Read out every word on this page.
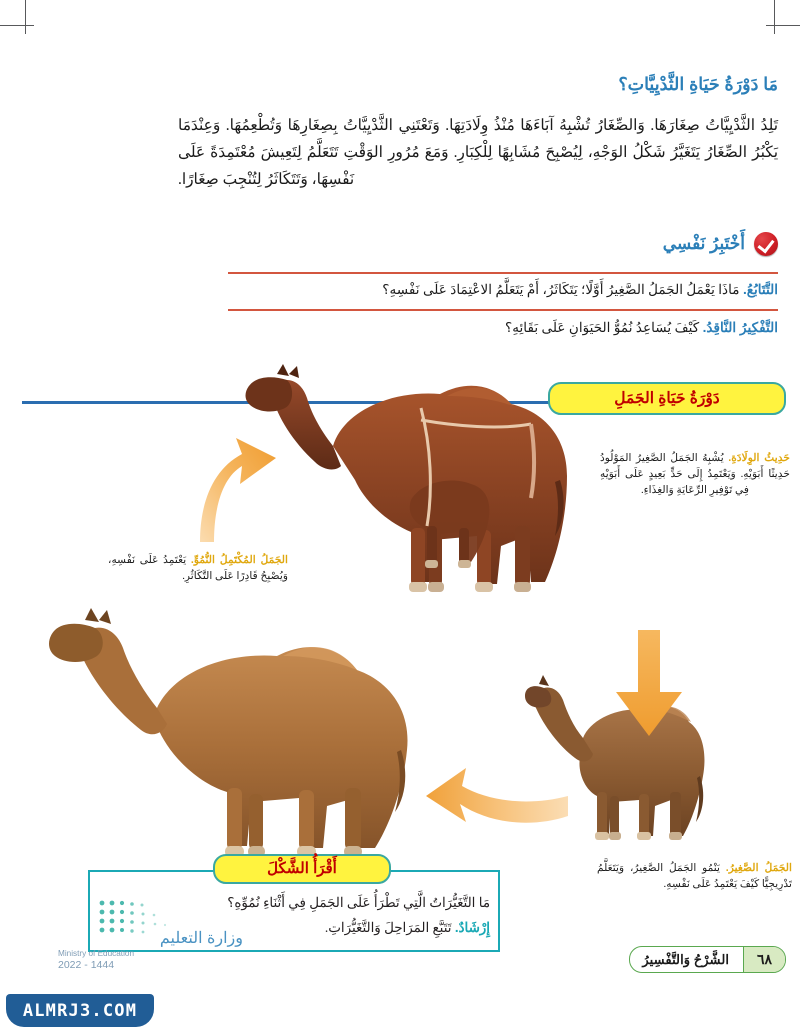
مَا دَوْرَةُ حَيَاةِ الثَّدْيِيَّاتِ؟
تَلِدُ الثَّدْيِيَّاتُ صِغَارَهَا. وَالصِّغَارُ تُشْبِهُ آبَاءَهَا مُنْذُ وِلَادَتِهَا. وَتَعْتَنِي الثَّدْيِيَّاتُ بِصِغَارِهَا وَتُطْعِمُهَا. وَعِنْدَمَا يَكْبُرُ الصِّغَارُ يَتَغَيَّرُ شَكْلُ الوَجْهِ، لِيُصْبِحَ مُشَابِهًا لِلْكِبَارِ. وَمَعَ مُرُورِ الوَقْتِ تَتَعَلَّمُ لِتَعِيشَ مُعْتَمِدَةً عَلَى نَفْسِهَا، وَتَتَكَاثَرُ لِتُنْجِبَ صِغَارًا.
أَخْتَبِرُ نَفْسِي
التَّتَابُعُ. مَاذَا يَعْمَلُ الجَمَلُ الصَّغِيرُ أَوَّلًا؛ يَتَكَاثَرُ، أَمْ يَتَعَلَّمُ الاعْتِمَادَ عَلَى نَفْسِهِ؟
التَّفْكِيرُ النَّاقِدُ. كَيْفَ يُسَاعِدُ نُمُوُّ الحَيَوَانِ عَلَى بَقَائِهِ؟
دَوْرَةُ حَيَاةِ الجَمَلِ
حَدِيثُ الوِلَادَةِ. يُشْبِهُ الجَمَلُ الصَّغِيرُ المَوْلُودُ حَدِيثًا أَبَوَيْهِ. وَيَعْتَمِدُ إِلَى حَدٍّ بَعِيدٍ عَلَى أَبَوَيْهِ فِي تَوْفِيرِ الرِّعَايَةِ وَالغِذَاءِ.
الجَمَلُ المُكْتَمِلُ النُّمُوِّ. يَعْتَمِدُ عَلَى نَفْسِهِ، وَيُصْبِحُ قَادِرًا عَلَى التَّكَاثُرِ.
الجَمَلُ الصَّغِيرُ. يَنْمُو الجَمَلُ الصَّغِيرُ، وَيَتَعَلَّمُ تَدْرِيجِيًّا كَيْفَ يَعْتَمِدُ عَلَى نَفْسِهِ.
أَقْرَأُ الشَّكْلَ
مَا التَّغَيُّرَاتُ الَّتِي تَطْرَأُ عَلَى الجَمَلِ فِي أَثْنَاءِ نُمُوِّهِ؟
إِرْشَادٌ. تَتَبَّعِ المَرَاحِلَ وَالتَّغَيُّرَاتِ.
وزارة التعليم
Ministry of Education
2022 - 1444	٦٨
الشَّرْحُ وَالتَّفْسِيرُ
ALMRJ3.COM
